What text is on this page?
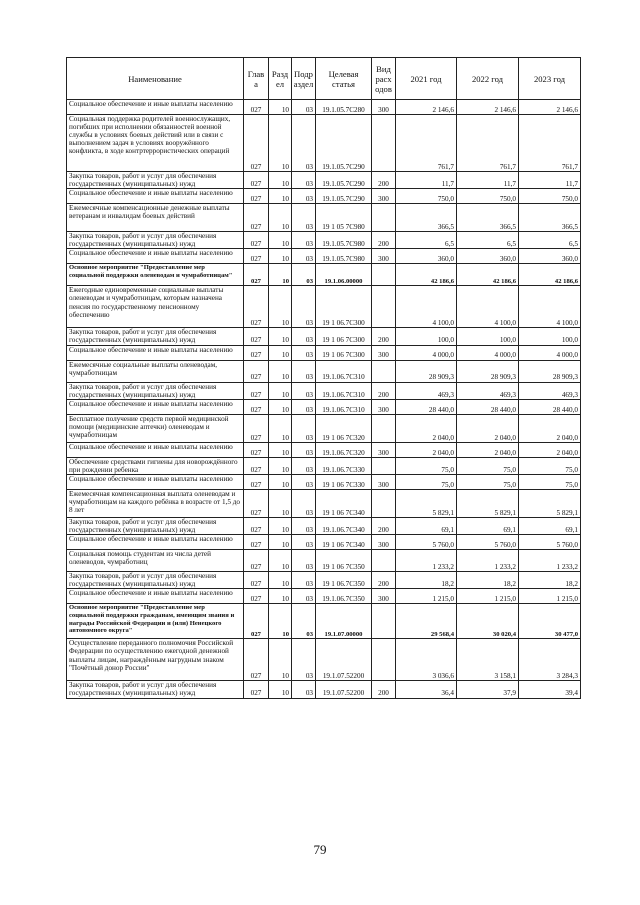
Наименование	Глав а	Разд ел	Подр аздел	Целевая статья	Вид расх одов	2021 год	2022 год	2023 год
Социальное обеспечение и иные выплаты населению	027	10	03	19.1.05.7С280	300	2 146,6	2 146,6	2 146,6
Социальная поддержка родителей военнослужащих, погибших при исполнении обязанностей военной службы в условиях боевых действий или в связи с выполнением задач в условиях вооружённого конфликта, в ходе контртеррористических операций	027	10	03	19.1.05.7С290		761,7	761,7	761,7
Закупка товаров, работ и услуг для обеспечения государственных (муниципальных) нужд	027	10	03	19.1.05.7С290	200	11,7	11,7	11,7
Социальное обеспечение и иные выплаты населению	027	10	03	19.1.05.7С290	300	750,0	750,0	750,0
Ежемесячные компенсационные денежные выплаты ветеранам и инвалидам боевых действий	027	10	03	19 1 05 7С980		366,5	366,5	366,5
Закупка товаров, работ и услуг для обеспечения государственных (муниципальных) нужд	027	10	03	19.1.05.7С980	200	6,5	6,5	6,5
Социальное обеспечение и иные выплаты населению	027	10	03	19.1.05.7С980	300	360,0	360,0	360,0
Основное мероприятие "Предоставление мер социальной поддержки оленеводам и чумработницам"	027	10	03	19.1.06.00000		42 186,6	42 186,6	42 186,6
Ежегодные единовременные социальные выплаты оленеводам и чумработницам, которым назначена пенсия по государственному пенсионному обеспечению	027	10	03	19 1 06.7С300		4 100,0	4 100,0	4 100,0
Закупка товаров, работ и услуг для обеспечения государственных (муниципальных) нужд	027	10	03	19 1 06 7С300	200	100,0	100,0	100,0
Социальное обеспечение и иные выплаты населению	027	10	03	19 1 06 7С300	300	4 000,0	4 000,0	4 000,0
Ежемесячные социальные выплаты оленеводам, чумработницам	027	10	03	19.1.06.7С310		28 909,3	28 909,3	28 909,3
Закупка товаров, работ и услуг для обеспечения государственных (муниципальных) нужд	027	10	03	19.1.06.7С310	200	469,3	469,3	469,3
Социальное обеспечение и иные выплаты населению	027	10	03	19.1.06.7С310	300	28 440,0	28 440,0	28 440,0
Бесплатное получение средств первой медицинской помощи (медицинские аптечки) оленеводам и чумработницам	027	10	03	19 1 06 7С320		2 040,0	2 040,0	2 040,0
Социальное обеспечение и иные выплаты населению	027	10	03	19.1.06.7С320	300	2 040,0	2 040,0	2 040,0
Обеспечение средствами гигиены для новорождённого при рождении ребенка	027	10	03	19.1.06.7С330		75,0	75,0	75,0
Социальное обеспечение и иные выплаты населению	027	10	03	19 1 06 7С330	300	75,0	75,0	75,0
Ежемесячная компенсационная выплата оленеводам и чумработницам на каждого ребёнка в возрасте от 1,5 до 8 лет	027	10	03	19 1 06 7С340		5 829,1	5 829,1	5 829,1
Закупка товаров, работ и услуг для обеспечения государственных (муниципальных) нужд	027	10	03	19.1.06.7С340	200	69,1	69,1	69,1
Социальное обеспечение и иные выплаты населению	027	10	03	19 1 06 7С340	300	5 760,0	5 760,0	5 760,0
Социальная помощь студентам из числа детей оленеводов, чумработниц	027	10	03	19 1 06 7С350		1 233,2	1 233,2	1 233,2
Закупка товаров, работ и услуг для обеспечения государственных (муниципальных) нужд	027	10	03	19 1 06.7С350	200	18,2	18,2	18,2
Социальное обеспечение и иные выплаты населению	027	10	03	19.1.06.7С350	300	1 215,0	1 215,0	1 215,0
Основное мероприятие "Предоставление мер социальной поддержки гражданам, имеющим звания и награды Российской Федерации и (или) Ненецкого автономного округа"	027	10	03	19.1.07.00000		29 568,4	30 020,4	30 477,0
Осуществление переданного полномочия Российской Федерации по осуществлению ежегодной денежной выплаты лицам, награждённым нагрудным знаком "Почётный донор России"	027	10	03	19.1.07.52200		3 036,6	3 158,1	3 284,3
Закупка товаров, работ и услуг для обеспечения государственных (муниципальных) нужд	027	10	03	19.1.07.52200	200	36,4	37,9	39,4
79
